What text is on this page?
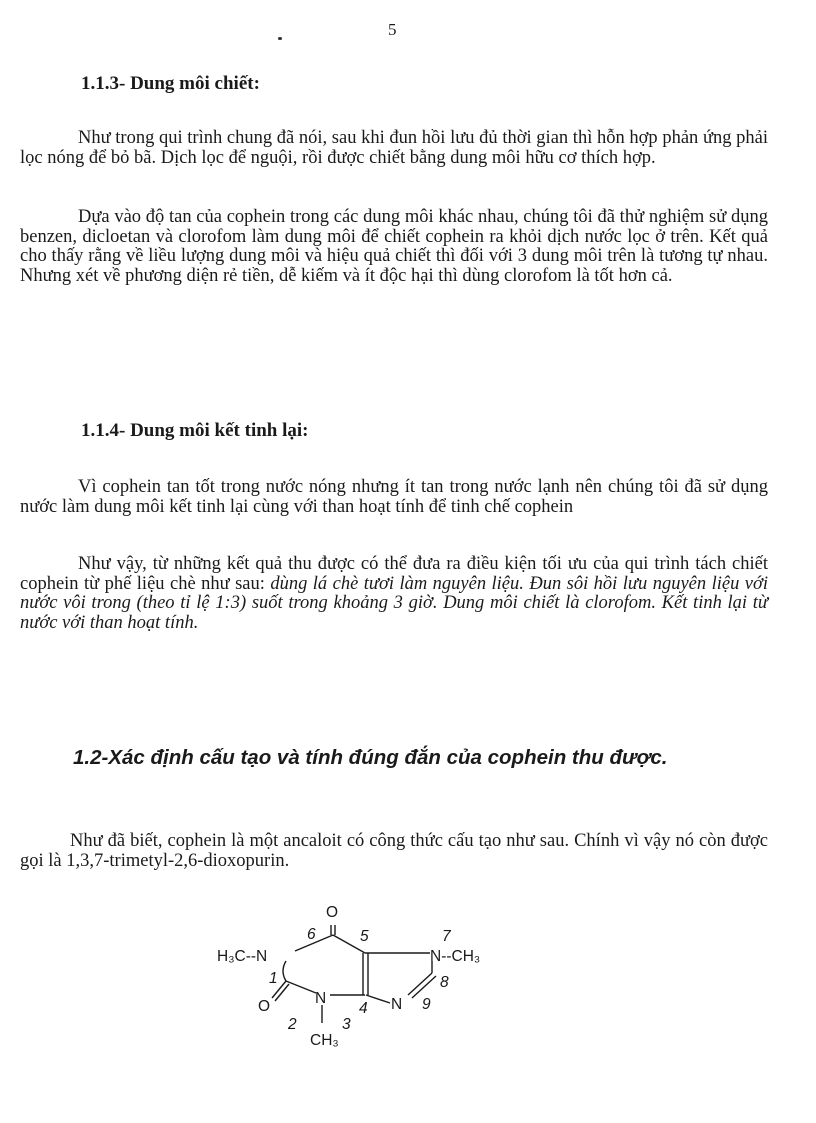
5
1.1.3- Dung môi chiết:

Như trong qui trình chung đã nói, sau khi đun hồi lưu đủ thời gian thì hỗn hợp phản ứng phải lọc nóng để bỏ bã. Dịch lọc để nguội, rồi được chiết bằng dung môi hữu cơ thích hợp.

Dựa vào độ tan của cophein trong các dung môi khác nhau, chúng tôi đã thử nghiệm sử dụng benzen, dicloetan và clorofom làm dung môi để chiết cophein ra khỏi dịch nước lọc ở trên. Kết quả cho thấy rằng về liều lượng dung môi và hiệu quả chiết thì đối với 3 dung môi trên là tương tự nhau. Nhưng xét về phương diện rẻ tiền, dễ kiếm và ít độc hại thì dùng clorofom là tốt hơn cả.

1.1.4- Dung môi kết tinh lại:

Vì cophein tan tốt trong nước nóng nhưng ít tan trong nước lạnh nên chúng tôi đã sử dụng nước làm dung môi kết tinh lại cùng với than hoạt tính để tinh chế cophein

Như vậy, từ những kết quả thu được có thể đưa ra điều kiện tối ưu của qui trình tách chiết cophein từ phế liệu chè như sau: dùng lá chè tươi làm nguyên liệu. Đun sôi hồi lưu nguyên liệu với nước vôi trong (theo tỉ lệ 1:3) suốt trong khoảng 3 giờ. Dung môi chiết là clorofom. Kết tinh lại từ nước với than hoạt tính.

1.2-Xác định cấu tạo và tính đúng đắn của cophein thu được.

Như đã biết, cophein là một ancaloit có công thức cấu tạo như sau. Chính vì vậy nó còn được gọi là 1,3,7-trimetyl-2,6-dioxopurin.

O
H₃C--N	N--CH₃
O	N	N
CH₃
1
2	3
4
5
6	7
8
9
